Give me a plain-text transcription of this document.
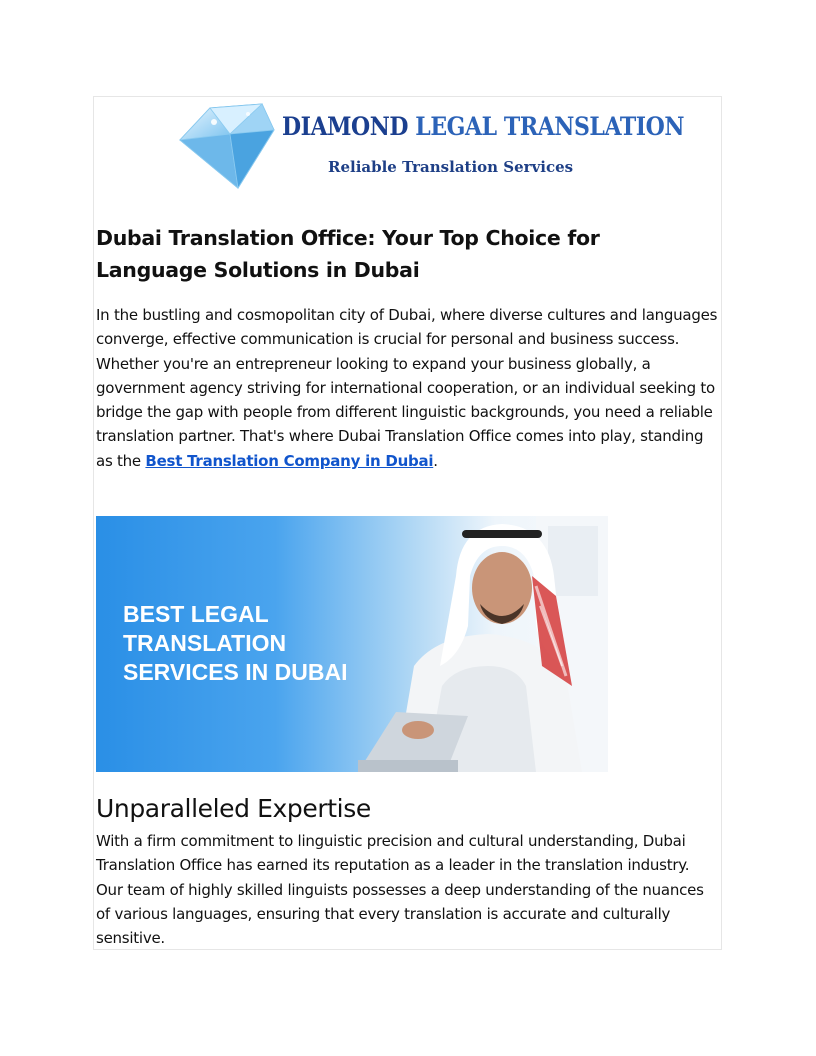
DIAMOND LEGAL TRANSLATION
Reliable Translation Services
Dubai Translation Office: Your Top Choice for
Language Solutions in Dubai

In the bustling and cosmopolitan city of Dubai, where diverse cultures and languages converge, effective communication is crucial for personal and business success. Whether you're an entrepreneur looking to expand your business globally, a government agency striving for international cooperation, or an individual seeking to bridge the gap with people from different linguistic backgrounds, you need a reliable translation partner. That's where Dubai Translation Office comes into play, standing as the Best Translation Company in Dubai.

BEST LEGAL
TRANSLATION
SERVICES IN DUBAI
Unparalleled Expertise

With a firm commitment to linguistic precision and cultural understanding, Dubai Translation Office has earned its reputation as a leader in the translation industry. Our team of highly skilled linguists possesses a deep understanding of the nuances of various languages, ensuring that every translation is accurate and culturally sensitive.
